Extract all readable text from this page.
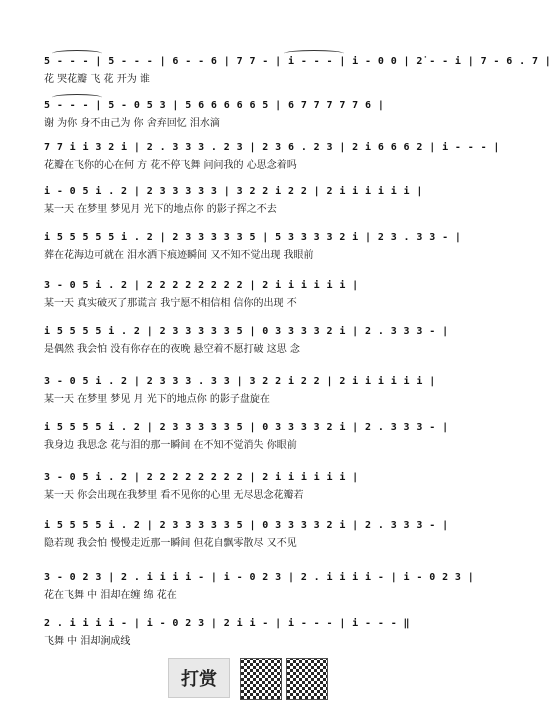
5 - - - | 5 - - - | 6 - - 6 | 7 7 - | i - - - | i - 0 0 | 2̇ - - i | 7 - 6 . 7 |
花 哭花瓣 飞 花 开为 谁
5 - - - | 5 - 0 5 3 | 5 6 6 6 6 6 5 | 6 7 7 7 7 7 6 |
谢 为你 身不由己为 你 舍弃回忆 泪水滴
7 7 i i 3 2 i | 2 . 3 3 3 . 2 3 | 2 3 6 . 2 3 | 2 i 6 6 6 2 | i - - - |
花瓣在飞你的心在何 方 花不停飞舞 问问我的 心思念着吗
i - 0 5 i . 2 | 2 3 3 3 3 3 | 3 2 2 i 2 2 | 2 i i i i i i |
某一天 在梦里 梦见月 光下的地点你 的影子挥之不去
i 5 5 5 5 5 i . 2 | 2 3 3 3 3 3 5 | 5 3 3 3 3 2 i | 2 3 . 3 3 - |
葬在花海边可就在 泪水洒下痕迹瞬间 又不知不觉出现 我眼前
3 - 0 5 i . 2 | 2 2 2 2 2 2 2 2 | 2 i i i i i i |
某一天 真实破灭了那谎言 我宁愿不相信相 信你的出现 不
i 5 5 5 5 i . 2 | 2 3 3 3 3 3 5 | 0 3 3 3 3 2 i | 2 . 3 3 3 - |
是偶然 我会怕 没有你存在的夜晚 悬空着不愿打破 这思 念
3 - 0 5 i . 2 | 2 3 3 3 . 3 3 | 3 2 2 i 2 2 | 2 i i i i i i |
某一天 在梦里 梦见 月 光下的地点你 的影子盘旋在
i 5 5 5 5 i . 2 | 2 3 3 3 3 3 5 | 0 3 3 3 3 2 i | 2 . 3 3 3 - |
我身边 我思念 花与泪的那一瞬间 在不知不觉消失 你眼前
3 - 0 5 i . 2 | 2 2 2 2 2 2 2 2 | 2 i i i i i i |
某一天 你会出现在我梦里 看不见你的心里 无尽思念花瓣若
i 5 5 5 5 i . 2 | 2 3 3 3 3 3 5 | 0 3 3 3 3 2 i | 2 . 3 3 3 - |
隐若现 我会怕 慢慢走近那一瞬间 但花自飘零散尽 又不见
3 - 0 2 3 | 2 . i i i i - | i - 0 2 3 | 2 . i i i i - | i - 0 2 3 |
花在飞舞 中 泪却在缠 绵 花在
2 . i i i i - | i - 0 2 3 | 2 i i - | i - - - | i - - - ‖
飞舞 中 泪却涧成线
打赏
